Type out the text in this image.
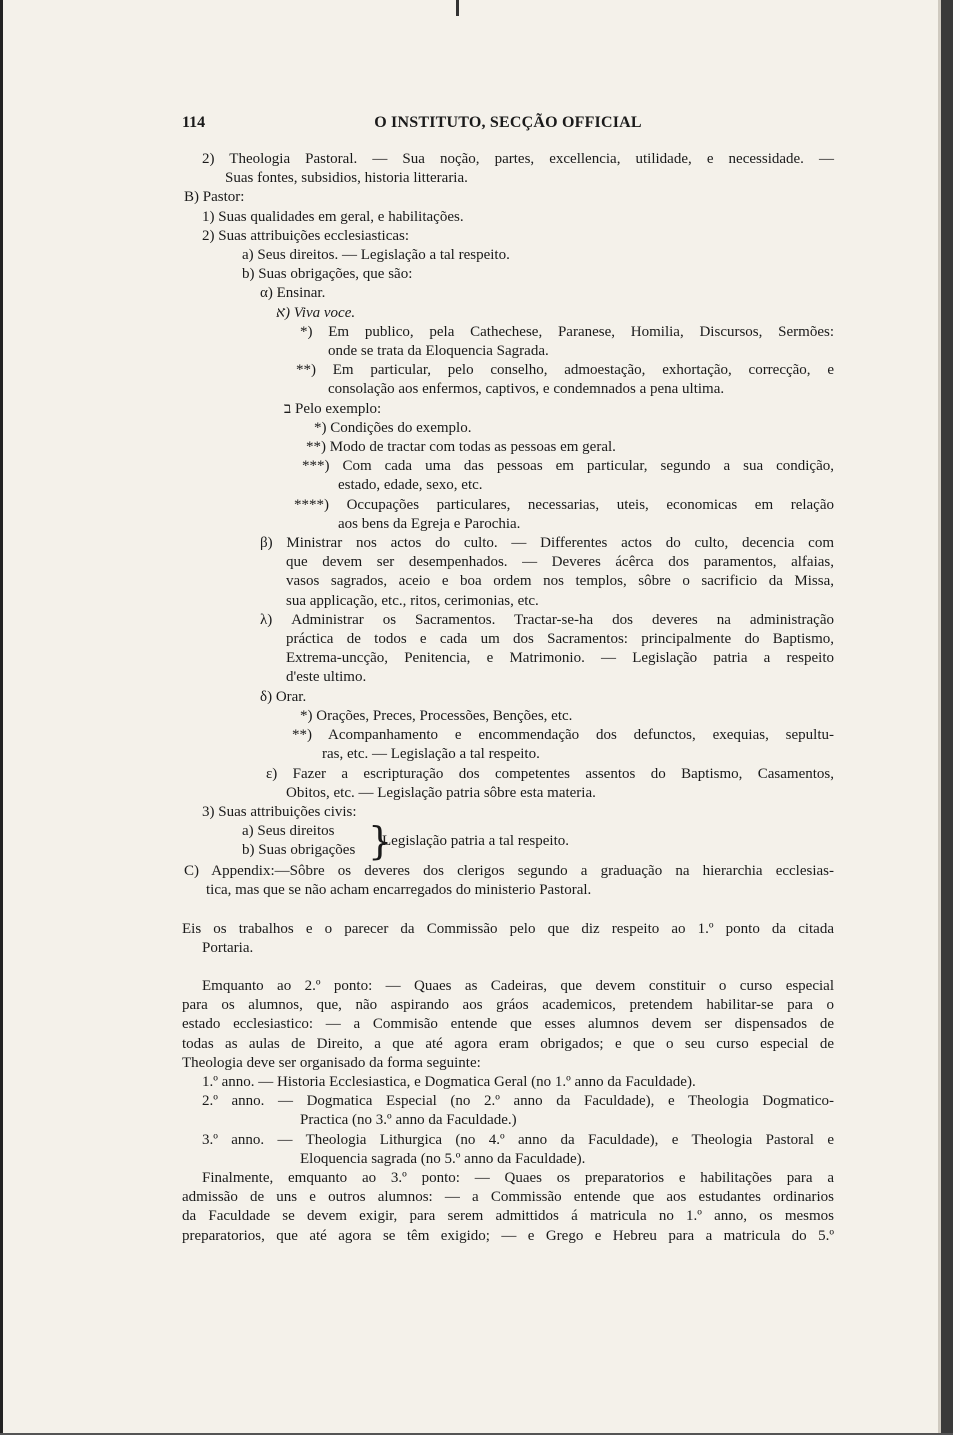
114	O INSTITUTO, SECÇÃO OFFICIAL
2) Theologia Pastoral. — Sua noção, partes, excellencia, utilidade, e necessidade. —
Suas fontes, subsidios, historia litteraria.
B) Pastor:
1) Suas qualidades em geral, e habilitações.
2) Suas attribuições ecclesiasticas:
a) Seus direitos. — Legislação a tal respeito.
b) Suas obrigações, que são:
α) Ensinar.
א) Viva voce.
*) Em publico, pela Cathechese, Paranese, Homilia, Discursos, Sermões:
onde se trata da Eloquencia Sagrada.
**) Em particular, pelo conselho, admoestação, exhortação, correcção, e
consolação aos enfermos, captivos, e condemnados a pena ultima.
ב Pelo exemplo:
*) Condições do exemplo.
**) Modo de tractar com todas as pessoas em geral.
***) Com cada uma das pessoas em particular, segundo a sua condição,
estado, edade, sexo, etc.
****) Occupações particulares, necessarias, uteis, economicas em relação
aos bens da Egreja e Parochia.
β) Ministrar nos actos do culto. — Differentes actos do culto, decencia com
que devem ser desempenhados. — Deveres ácêrca dos paramentos, alfaias,
vasos sagrados, aceio e boa ordem nos templos, sôbre o sacrificio da Missa,
sua applicação, etc., ritos, cerimonias, etc.
λ) Administrar os Sacramentos. Tractar-se-ha dos deveres na administração
práctica de todos e cada um dos Sacramentos: principalmente do Baptismo,
Extrema-uncção, Penitencia, e Matrimonio. — Legislação patria a respeito
d'este ultimo.
δ) Orar.
*) Orações, Preces, Processões, Benções, etc.
**) Acompanhamento e encommendação dos defunctos, exequias, sepultu-
ras, etc. — Legislação a tal respeito.
ε) Fazer a escripturação dos competentes assentos do Baptismo, Casamentos,
Obitos, etc. — Legislação patria sôbre esta materia.
3) Suas attribuições civis:
a) Seus direitos
b) Suas obrigações }
Legislação patria a tal respeito.
C) Appendix:—Sôbre os deveres dos clerigos segundo a graduação na hierarchia ecclesias-
tica, mas que se não acham encarregados do ministerio Pastoral.
Eis os trabalhos e o parecer da Commissão pelo que diz respeito ao 1.º ponto da citada
Portaria.
Emquanto ao 2.º ponto: — Quaes as Cadeiras, que devem constituir o curso especial
para os alumnos, que, não aspirando aos gráos academicos, pretendem habilitar-se para o
estado ecclesiastico: — a Commisão entende que esses alumnos devem ser dispensados de
todas as aulas de Direito, a que até agora eram obrigados; e que o seu curso especial de
Theologia deve ser organisado da forma seguinte:
1.º anno. — Historia Ecclesiastica, e Dogmatica Geral (no 1.º anno da Faculdade).
2.º anno. — Dogmatica Especial (no 2.º anno da Faculdade), e Theologia Dogmatico-
Practica (no 3.º anno da Faculdade.)
3.º anno. — Theologia Lithurgica (no 4.º anno da Faculdade), e Theologia Pastoral e
Eloquencia sagrada (no 5.º anno da Faculdade).
Finalmente, emquanto ao 3.º ponto: — Quaes os preparatorios e habilitações para a
admissão de uns e outros alumnos: — a Commissão entende que aos estudantes ordinarios
da Faculdade se devem exigir, para serem admittidos á matricula no 1.º anno, os mesmos
preparatorios, que até agora se têm exigido; — e Grego e Hebreu para a matricula do 5.º
